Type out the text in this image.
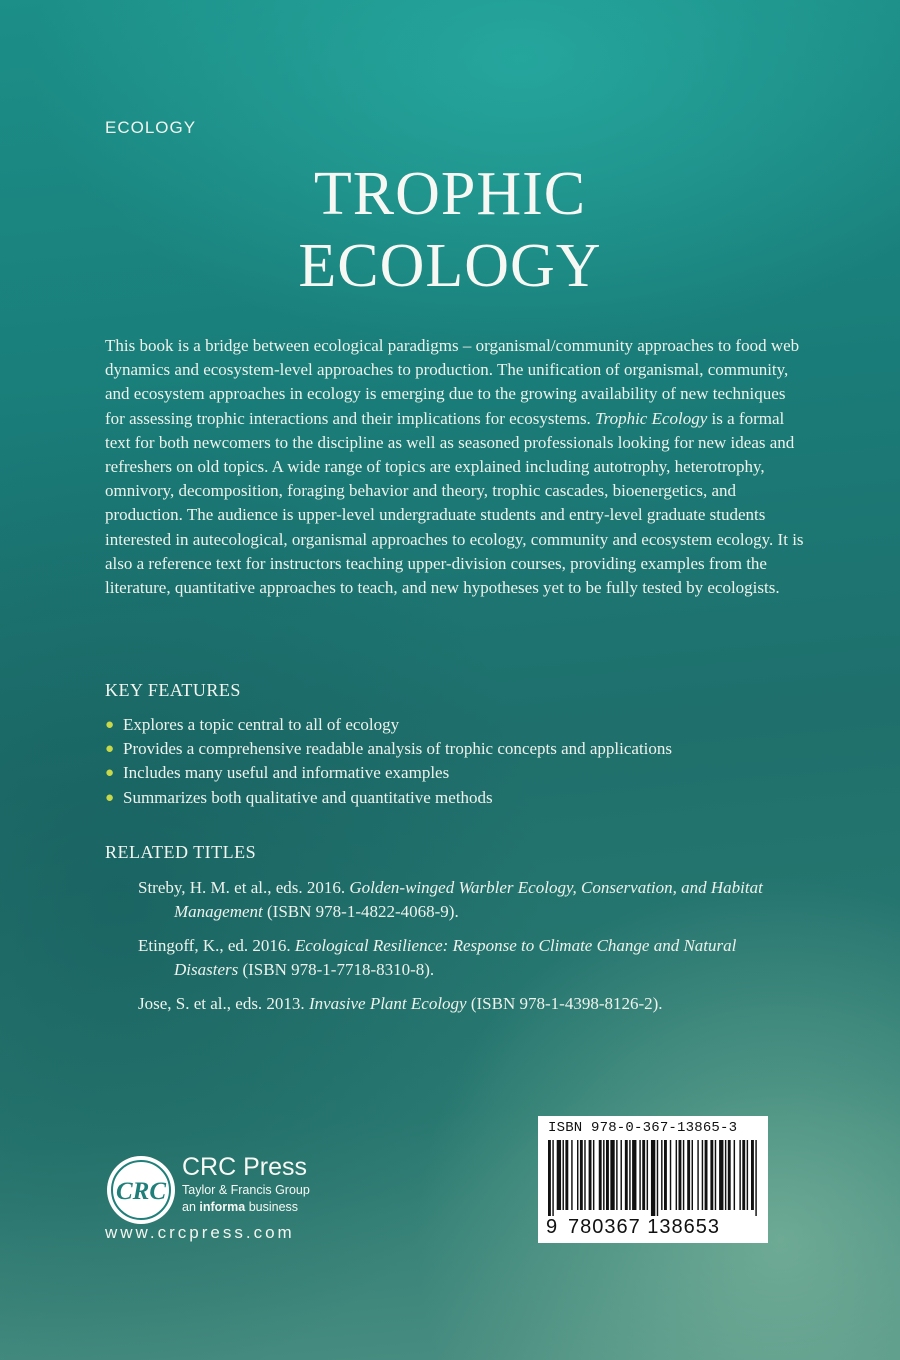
ECOLOGY
TROPHIC
ECOLOGY
This book is a bridge between ecological paradigms – organismal/community approaches to food web dynamics and ecosystem-level approaches to production. The unification of organismal, community, and ecosystem approaches in ecology is emerging due to the growing availability of new techniques for assessing trophic interactions and their implications for ecosystems. Trophic Ecology is a formal text for both newcomers to the discipline as well as seasoned professionals looking for new ideas and refreshers on old topics. A wide range of topics are explained including autotrophy, heterotrophy, omnivory, decomposition, foraging behavior and theory, trophic cascades, bioenergetics, and production. The audience is upper-level undergraduate students and entry-level graduate students interested in autecological, organismal approaches to ecology, community and ecosystem ecology. It is also a reference text for instructors teaching upper-division courses, providing examples from the literature, quantitative approaches to teach, and new hypotheses yet to be fully tested by ecologists.
KEY FEATURES
● Explores a topic central to all of ecology
● Provides a comprehensive readable analysis of trophic concepts and applications
● Includes many useful and informative examples
● Summarizes both qualitative and quantitative methods
RELATED TITLES
Streby, H. M. et al., eds. 2016. Golden-winged Warbler Ecology, Conservation, and Habitat Management (ISBN 978-1-4822-4068-9).
Etingoff, K., ed. 2016. Ecological Resilience: Response to Climate Change and Natural Disasters (ISBN 978-1-7718-8310-8).
Jose, S. et al., eds. 2013. Invasive Plant Ecology (ISBN 978-1-4398-8126-2).
CRC
CRC Press
Taylor & Francis Group
an informa business
www.crcpress.com
ISBN 978-0-367-13865-3
9 780367 138653
